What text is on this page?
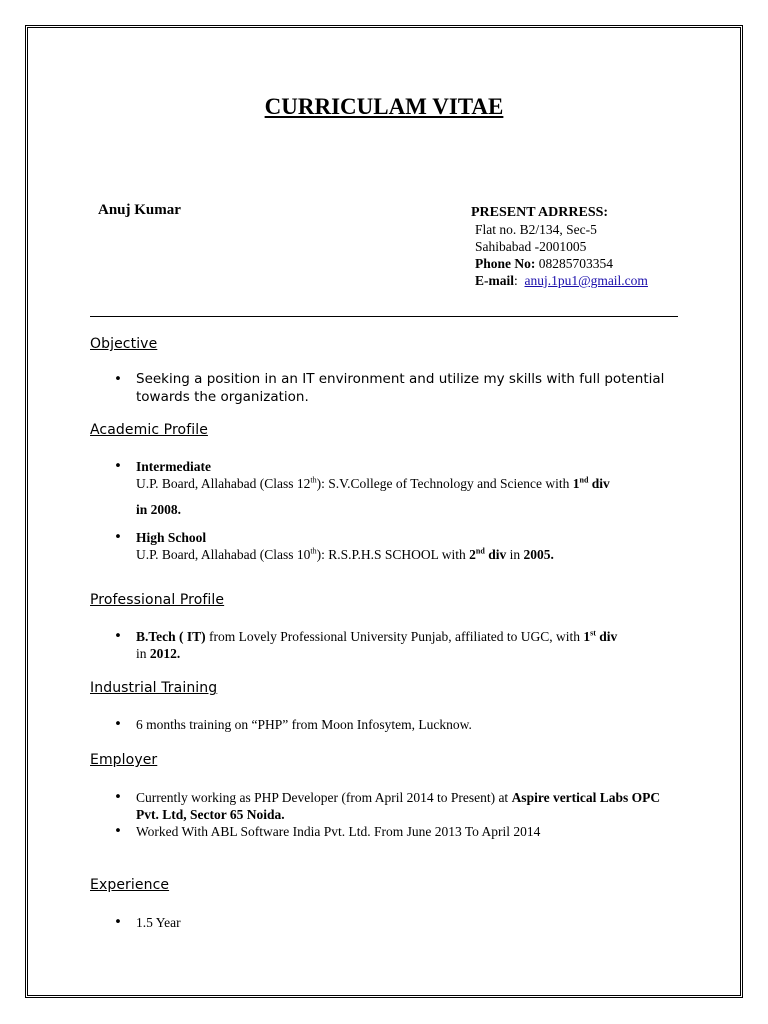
CURRICULAM VITAE
Anuj Kumar	PRESENT ADRRESS:
Flat no. B2/134, Sec-5
Sahibabad -2001005
Phone No: 08285703354
E-mail:  anuj.1pu1@gmail.com
Objective
• Seeking a position in an IT environment and utilize my skills with full potential towards the organization.
Academic Profile
• Intermediate
U.P. Board, Allahabad (Class 12th): S.V.College of Technology and Science with 1nd div
in 2008.
• High School
U.P. Board, Allahabad (Class 10th): R.S.P.H.S SCHOOL with 2nd div in 2005.
Professional Profile
• B.Tech ( IT) from Lovely Professional University Punjab, affiliated to UGC, with 1st div
in 2012.
Industrial Training
• 6 months training on “PHP” from Moon Infosytem, Lucknow.
Employer
• Currently working as PHP Developer (from April 2014 to Present) at Aspire vertical Labs OPC Pvt. Ltd, Sector 65 Noida.
• Worked With ABL Software India Pvt. Ltd. From June 2013 To April 2014
Experience
• 1.5 Year
